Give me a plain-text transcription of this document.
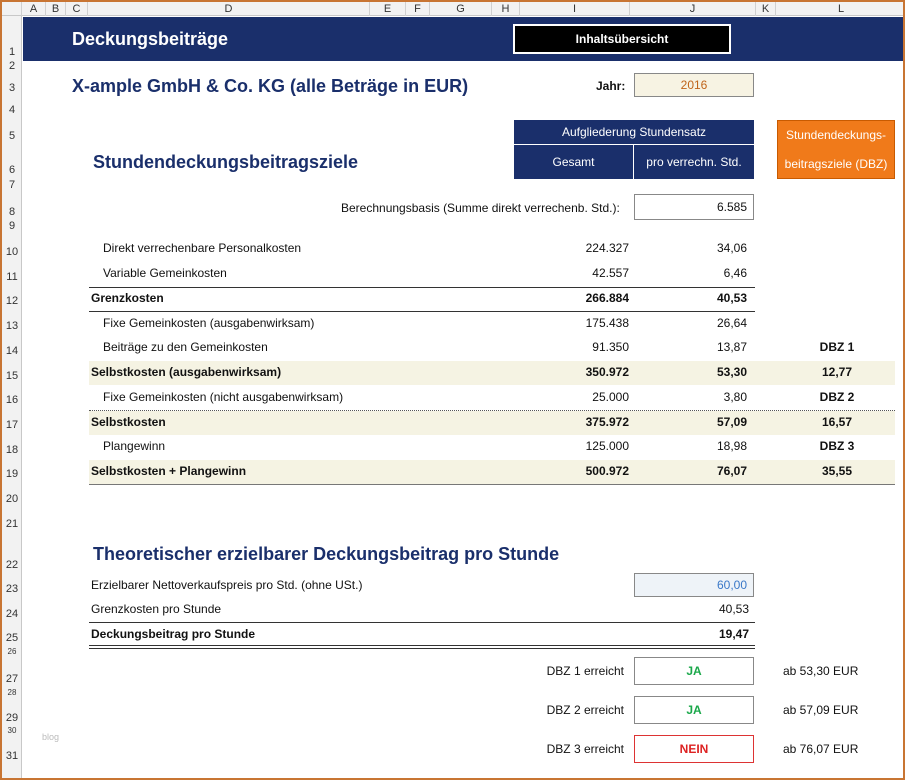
A	B	C	D	E	F	G	H	I	J	K	L
1
2
3
4
5
6
7
8
9
10
11
12
13
14
15
16
17
18
19
20
21
22
23
24
25
26
27
28
29
30
31
Deckungsbeiträge	Inhaltsübersicht
X-ample GmbH & Co. KG (alle Beträge in EUR)	Jahr:	2016
Aufgliederung Stundensatz
Gesamt	pro verrechn. Std.
Stundendeckungs-
beitragsziele (DBZ)
Stundendeckungsbeitragsziele
Berechnungsbasis (Summe direkt verrechenb. Std.):	6.585
Direkt verrechenbare Personalkosten	224.327	34,06
Variable Gemeinkosten	42.557	6,46
Grenzkosten	266.884	40,53
Fixe Gemeinkosten (ausgabenwirksam)	175.438	26,64
Beiträge zu den Gemeinkosten	91.350	13,87	DBZ 1
Selbstkosten (ausgabenwirksam)	350.972	53,30	12,77
Fixe Gemeinkosten (nicht ausgabenwirksam)	25.000	3,80	DBZ 2
Selbstkosten	375.972	57,09	16,57
Plangewinn	125.000	18,98	DBZ 3
Selbstkosten + Plangewinn	500.972	76,07	35,55
Theoretischer erzielbarer Deckungsbeitrag pro Stunde
Erzielbarer Nettoverkaufspreis pro Std. (ohne USt.)	60,00
Grenzkosten pro Stunde	40,53
Deckungsbeitrag pro Stunde	19,47
DBZ 1 erreicht	JA	ab 53,30 EUR
DBZ 2 erreicht	JA	ab 57,09 EUR
DBZ 3 erreicht	NEIN	ab 76,07 EUR
blog
